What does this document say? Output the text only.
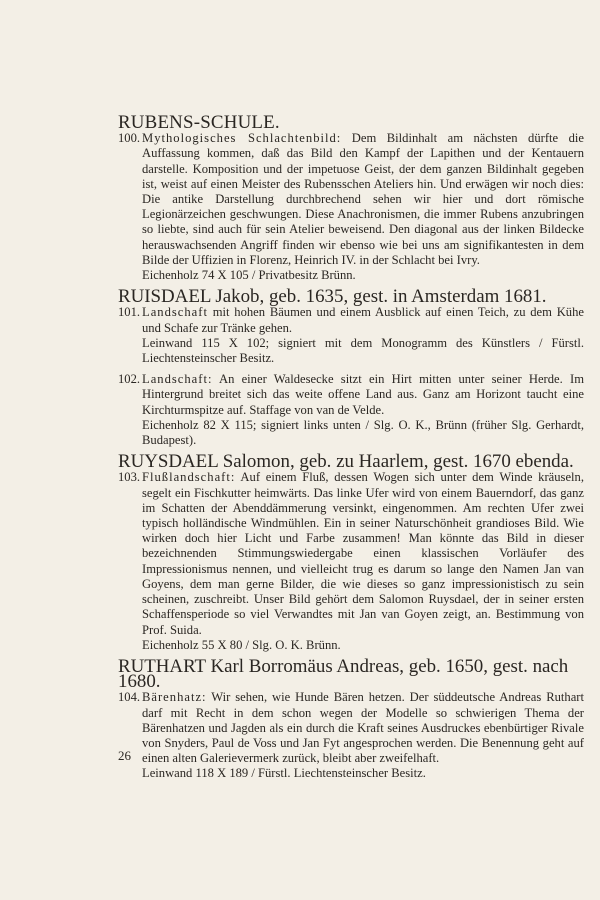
RUBENS-SCHULE.

100. Mythologisches Schlachtenbild: Dem Bildinhalt am nächsten dürfte die Auffassung kommen, daß das Bild den Kampf der Lapithen und der Kentauern darstelle. Komposition und der impetuose Geist, der dem ganzen Bildinhalt gegeben ist, weist auf einen Meister des Rubensschen Ateliers hin. Und erwägen wir noch dies: Die antike Darstellung durchbrechend sehen wir hier und dort römische Legionärzeichen geschwungen. Diese Anachronismen, die immer Rubens anzubringen so liebte, sind auch für sein Atelier beweisend. Den diagonal aus der linken Bildecke herauswachsenden Angriff finden wir ebenso wie bei uns am signifikantesten in dem Bilde der Uffizien in Florenz, Heinrich IV. in der Schlacht bei Ivry.

Eichenholz 74 X 105 / Privatbesitz Brünn.

RUISDAEL Jakob, geb. 1635, gest. in Amsterdam 1681.

101. Landschaft mit hohen Bäumen und einem Ausblick auf einen Teich, zu dem Kühe und Schafe zur Tränke gehen.

Leinwand 115 X 102; signiert mit dem Monogramm des Künstlers / Fürstl. Liechtensteinscher Besitz.

102. Landschaft: An einer Waldesecke sitzt ein Hirt mitten unter seiner Herde. Im Hintergrund breitet sich das weite offene Land aus. Ganz am Horizont taucht eine Kirchturmspitze auf. Staffage von van de Velde.

Eichenholz 82 X 115; signiert links unten / Slg. O. K., Brünn (früher Slg. Gerhardt, Budapest).

RUYSDAEL Salomon, geb. zu Haarlem, gest. 1670 ebenda.

103. Flußlandschaft: Auf einem Fluß, dessen Wogen sich unter dem Winde kräuseln, segelt ein Fischkutter heimwärts. Das linke Ufer wird von einem Bauerndorf, das ganz im Schatten der Abenddämmerung versinkt, eingenommen. Am rechten Ufer zwei typisch holländische Windmühlen. Ein in seiner Naturschönheit grandioses Bild. Wie wirken doch hier Licht und Farbe zusammen! Man könnte das Bild in dieser bezeichnenden Stimmungswiedergabe einen klassischen Vorläufer des Impressionismus nennen, und vielleicht trug es darum so lange den Namen Jan van Goyens, dem man gerne Bilder, die wie dieses so ganz impressionistisch zu sein scheinen, zuschreibt. Unser Bild gehört dem Salomon Ruysdael, der in seiner ersten Schaffensperiode so viel Verwandtes mit Jan van Goyen zeigt, an. Bestimmung von Prof. Suida.

Eichenholz 55 X 80 / Slg. O. K. Brünn.

RUTHART Karl Borromäus Andreas, geb. 1650, gest. nach 1680.

104. Bärenhatz: Wir sehen, wie Hunde Bären hetzen. Der süddeutsche Andreas Ruthart darf mit Recht in dem schon wegen der Modelle so schwierigen Thema der Bärenhatzen und Jagden als ein durch die Kraft seines Ausdruckes ebenbürtiger Rivale von Snyders, Paul de Voss und Jan Fyt angesprochen werden. Die Benennung geht auf einen alten Galerievermerk zurück, bleibt aber zweifelhaft.

Leinwand 118 X 189 / Fürstl. Liechtensteinscher Besitz.

26
